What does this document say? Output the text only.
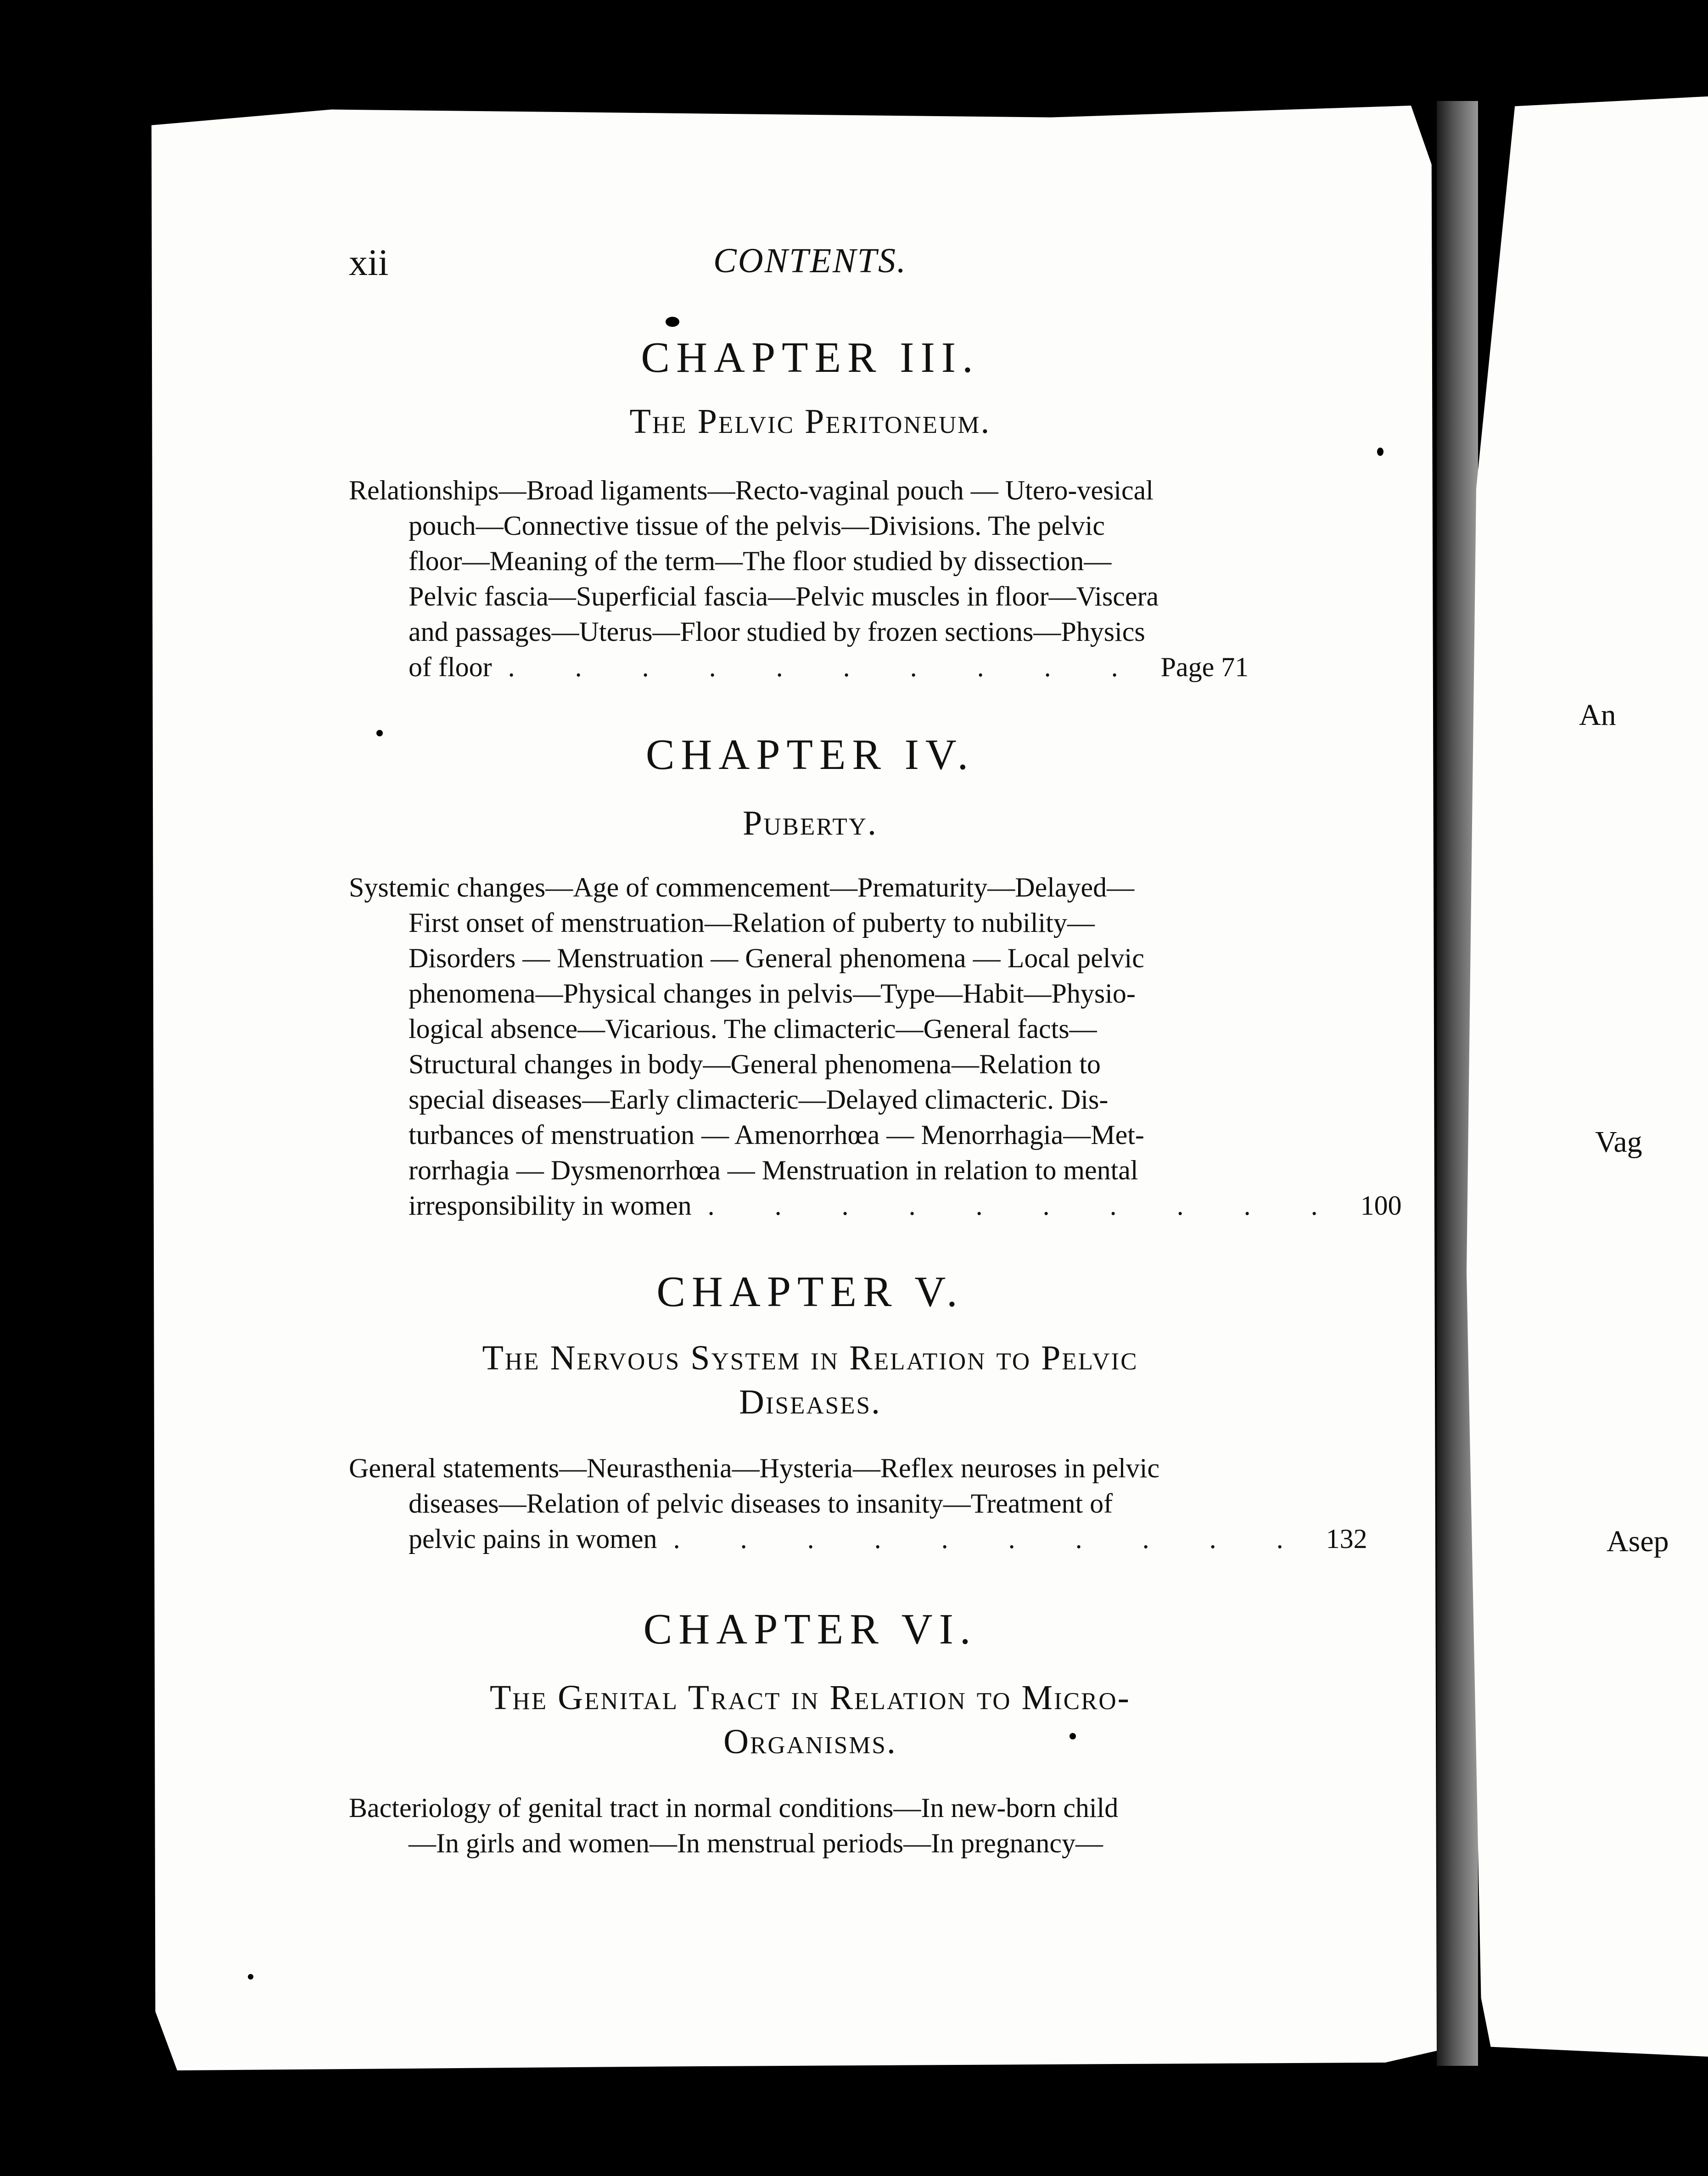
An
Vag
Asep
xii	CONTENTS.
CHAPTER III.
The Pelvic Peritoneum.
Relationships—Broad ligaments—Recto-vaginal pouch — Utero-vesical
pouch—Connective tissue of the pelvis—Divisions. The pelvic
floor—Meaning of the term—The floor studied by dissection—
Pelvic fascia—Superficial fascia—Pelvic muscles in floor—Viscera
and passages—Uterus—Floor studied by frozen sections—Physics
of floor . . . . . . . . . . Page 71
CHAPTER IV.
Puberty.
Systemic changes—Age of commencement—Prematurity—Delayed—
First onset of menstruation—Relation of puberty to nubility—
Disorders — Menstruation — General phenomena — Local pelvic
phenomena—Physical changes in pelvis—Type—Habit—Physio-
logical absence—Vicarious. The climacteric—General facts—
Structural changes in body—General phenomena—Relation to
special diseases—Early climacteric—Delayed climacteric. Dis-
turbances of menstruation — Amenorrhœa — Menorrhagia—Met-
rorrhagia — Dysmenorrhœa — Menstruation in relation to mental
irresponsibility in women . . . . . . . . . . 100
CHAPTER V.
The Nervous System in Relation to Pelvic
Diseases.
General statements—Neurasthenia—Hysteria—Reflex neuroses in pelvic
diseases—Relation of pelvic diseases to insanity—Treatment of
pelvic pains in women . . . . . . . . . . 132
CHAPTER VI.
The Genital Tract in Relation to Micro-
Organisms.
Bacteriology of genital tract in normal conditions—In new-born child
—In girls and women—In menstrual periods—In pregnancy—
